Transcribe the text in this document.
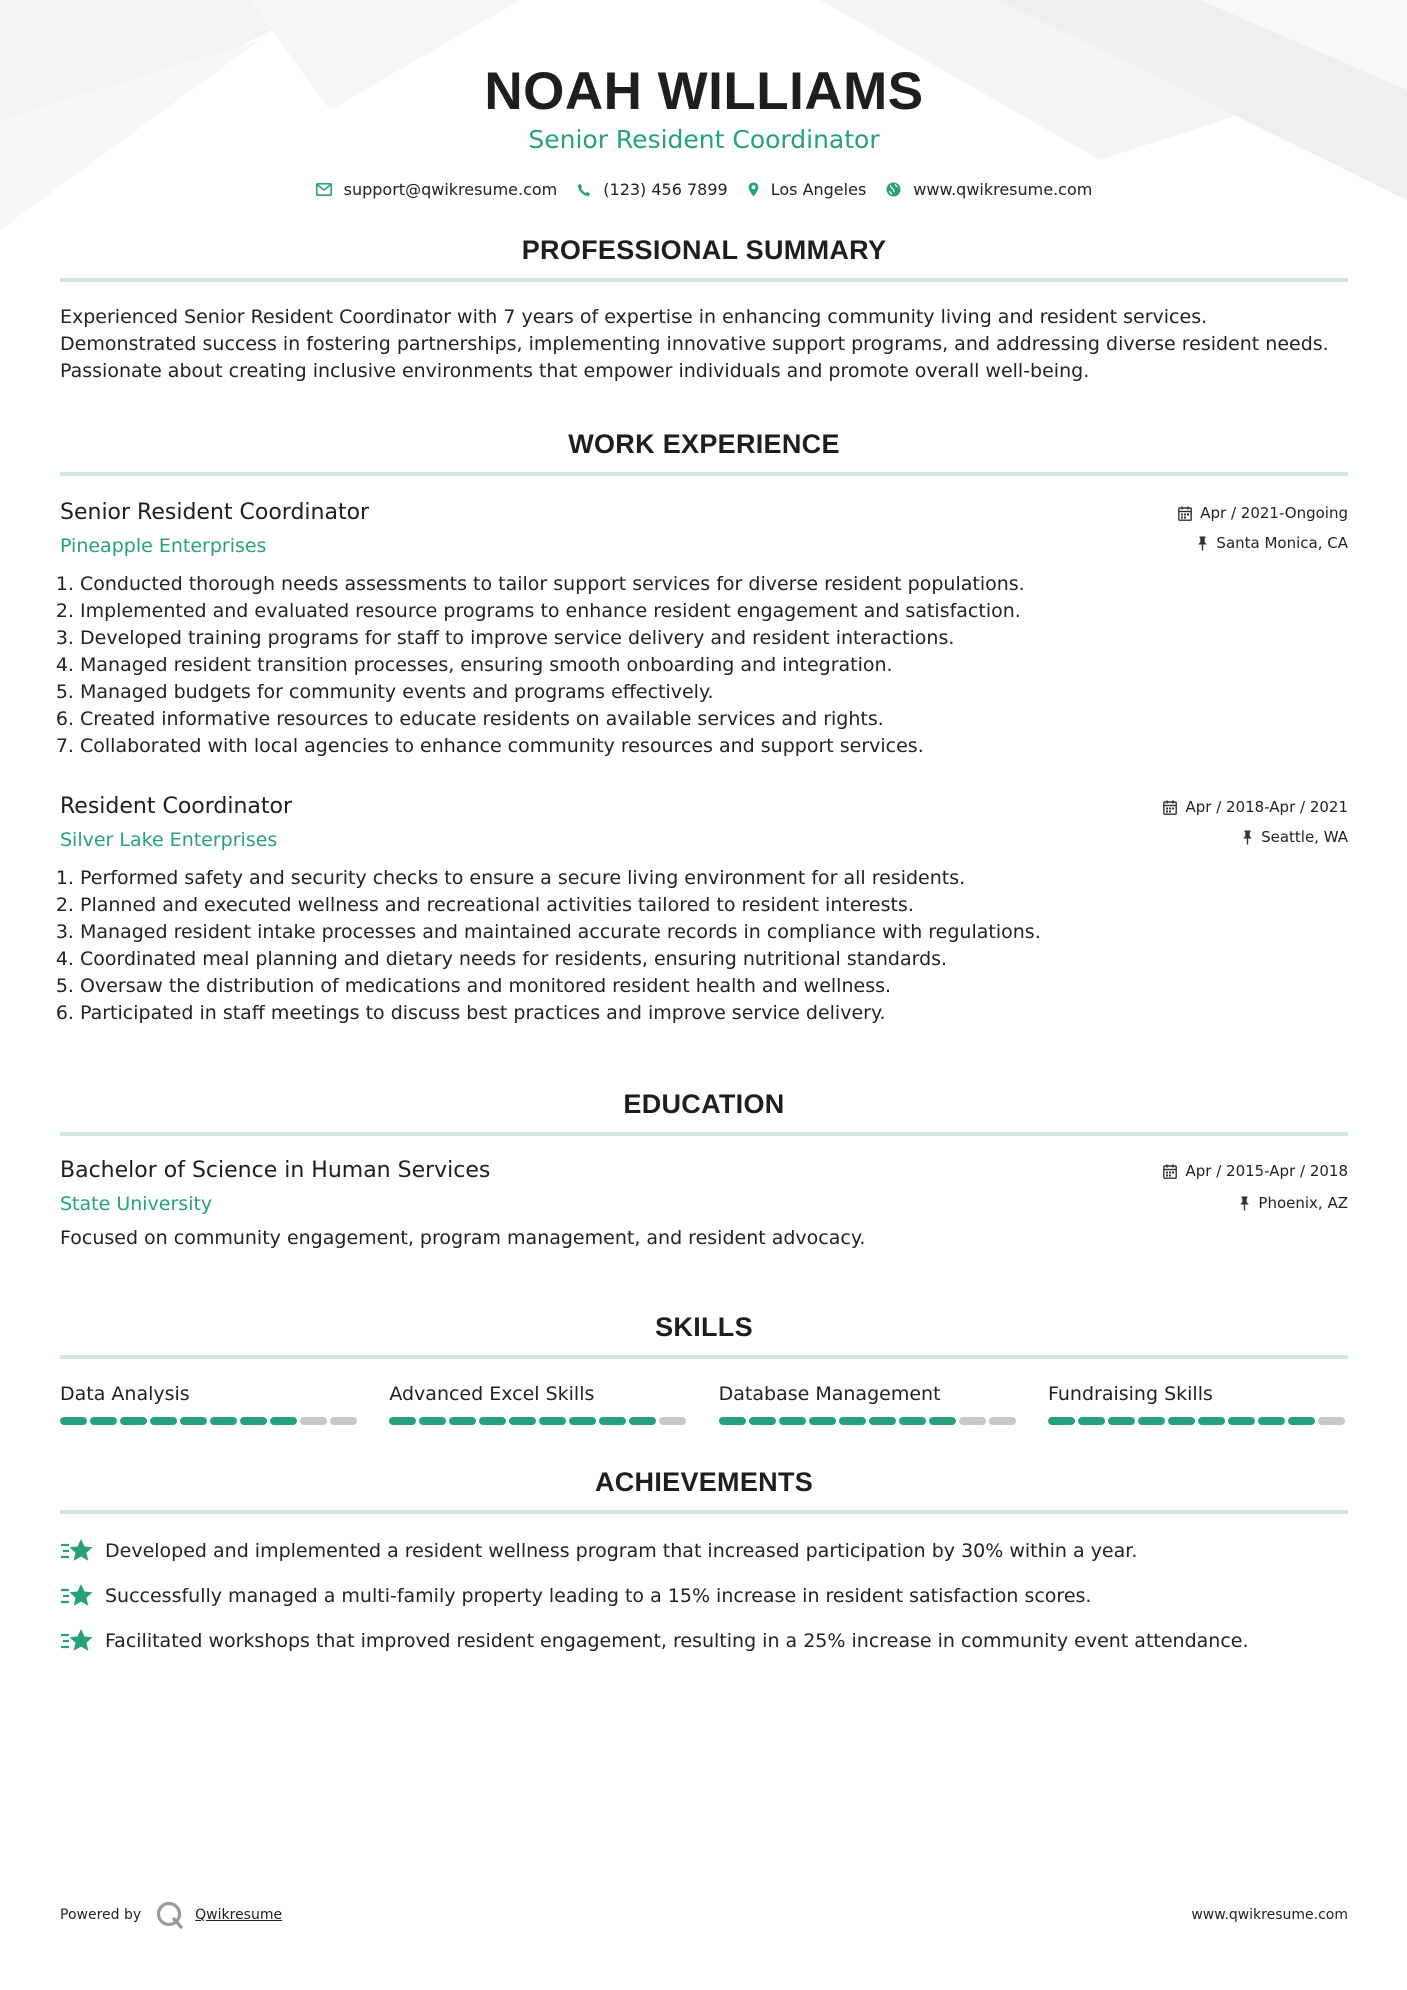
NOAH WILLIAMS
Senior Resident Coordinator
support@qwikresume.com	(123) 456 7899	Los Angeles	www.qwikresume.com
PROFESSIONAL SUMMARY
Experienced Senior Resident Coordinator with 7 years of expertise in enhancing community living and resident services. Demonstrated success in fostering partnerships, implementing innovative support programs, and addressing diverse resident needs. Passionate about creating inclusive environments that empower individuals and promote overall well-being.
WORK EXPERIENCE
Senior Resident Coordinator
Pineapple Enterprises
Apr / 2021-Ongoing
Santa Monica, CA
1. Conducted thorough needs assessments to tailor support services for diverse resident populations.
2. Implemented and evaluated resource programs to enhance resident engagement and satisfaction.
3. Developed training programs for staff to improve service delivery and resident interactions.
4. Managed resident transition processes, ensuring smooth onboarding and integration.
5. Managed budgets for community events and programs effectively.
6. Created informative resources to educate residents on available services and rights.
7. Collaborated with local agencies to enhance community resources and support services.
Resident Coordinator
Silver Lake Enterprises
Apr / 2018-Apr / 2021
Seattle, WA
1. Performed safety and security checks to ensure a secure living environment for all residents.
2. Planned and executed wellness and recreational activities tailored to resident interests.
3. Managed resident intake processes and maintained accurate records in compliance with regulations.
4. Coordinated meal planning and dietary needs for residents, ensuring nutritional standards.
5. Oversaw the distribution of medications and monitored resident health and wellness.
6. Participated in staff meetings to discuss best practices and improve service delivery.
EDUCATION
Bachelor of Science in Human Services
State University
Apr / 2015-Apr / 2018
Phoenix, AZ
Focused on community engagement, program management, and resident advocacy.
SKILLS
Data Analysis	Advanced Excel Skills	Database Management	Fundraising Skills
ACHIEVEMENTS
Developed and implemented a resident wellness program that increased participation by 30% within a year.
Successfully managed a multi-family property leading to a 15% increase in resident satisfaction scores.
Facilitated workshops that improved resident engagement, resulting in a 25% increase in community event attendance.
Powered by	Qwikresume	www.qwikresume.com
